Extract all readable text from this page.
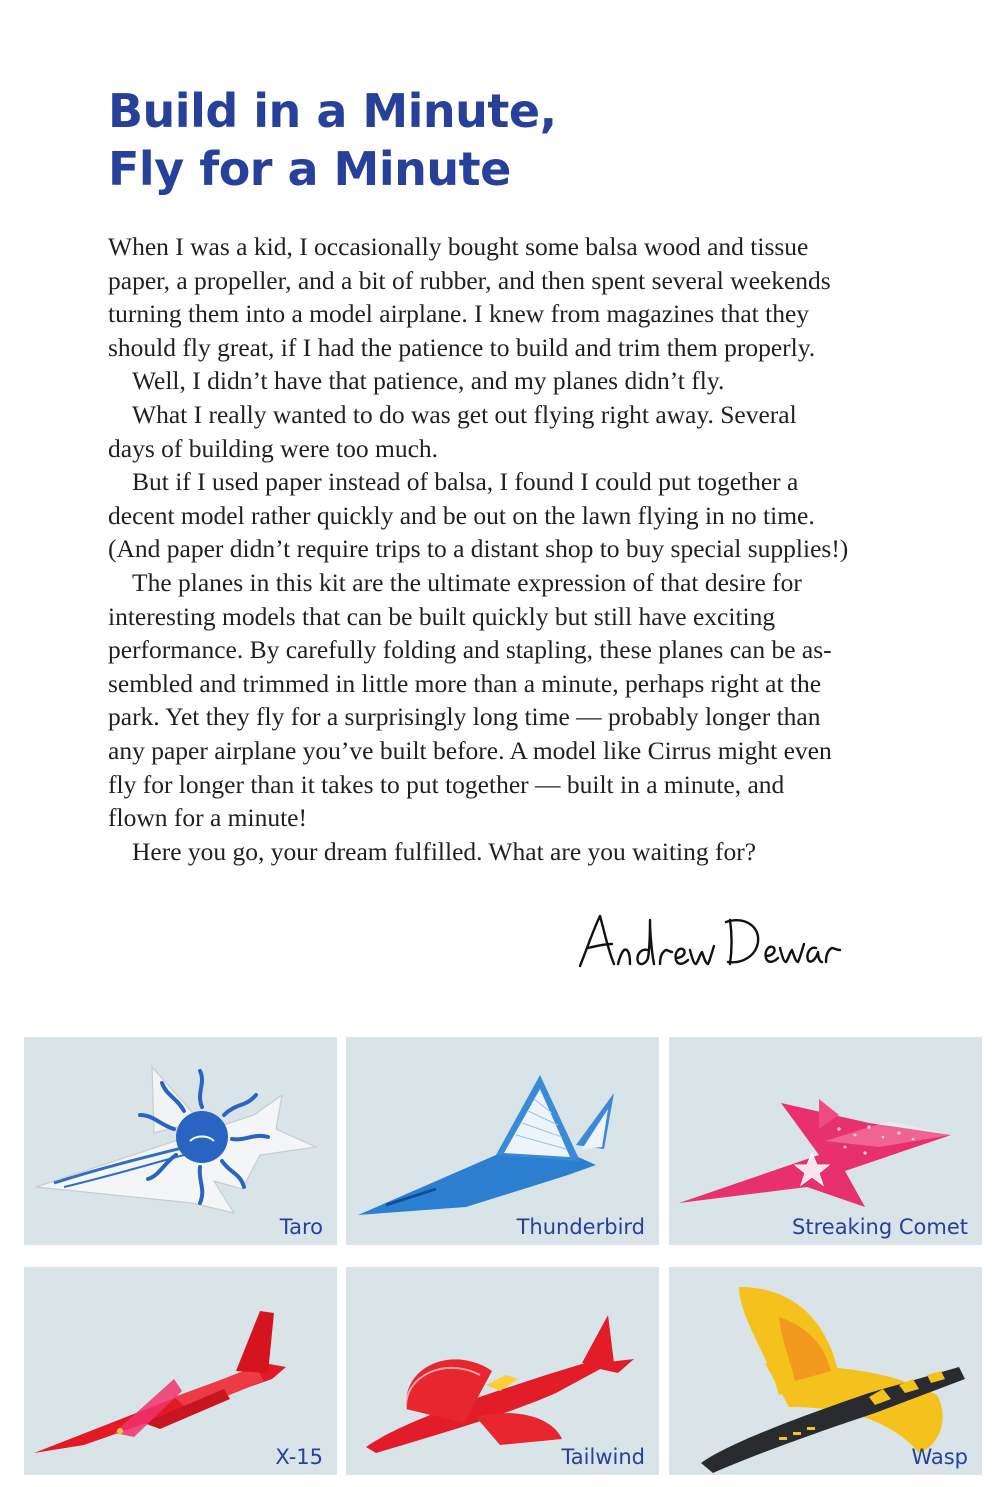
Build in a Minute,
Fly for a Minute
When I was a kid, I occasionally bought some balsa wood and tissue
paper, a propeller, and a bit of rubber, and then spent several weekends
turning them into a model airplane. I knew from magazines that they
should fly great, if I had the patience to build and trim them properly.
Well, I didn’t have that patience, and my planes didn’t fly.
What I really wanted to do was get out flying right away. Several
days of building were too much.
But if I used paper instead of balsa, I found I could put together a
decent model rather quickly and be out on the lawn flying in no time.
(And paper didn’t require trips to a distant shop to buy special supplies!)
The planes in this kit are the ultimate expression of that desire for
interesting models that can be built quickly but still have exciting
performance. By carefully folding and stapling, these planes can be as-
sembled and trimmed in little more than a minute, perhaps right at the
park. Yet they fly for a surprisingly long time — probably longer than
any paper airplane you’ve built before. A model like Cirrus might even
fly for longer than it takes to put together — built in a minute, and
flown for a minute!
Here you go, your dream fulfilled. What are you waiting for?
Taro	Thunderbird	Streaking Comet
X-15	Tailwind	Wasp
